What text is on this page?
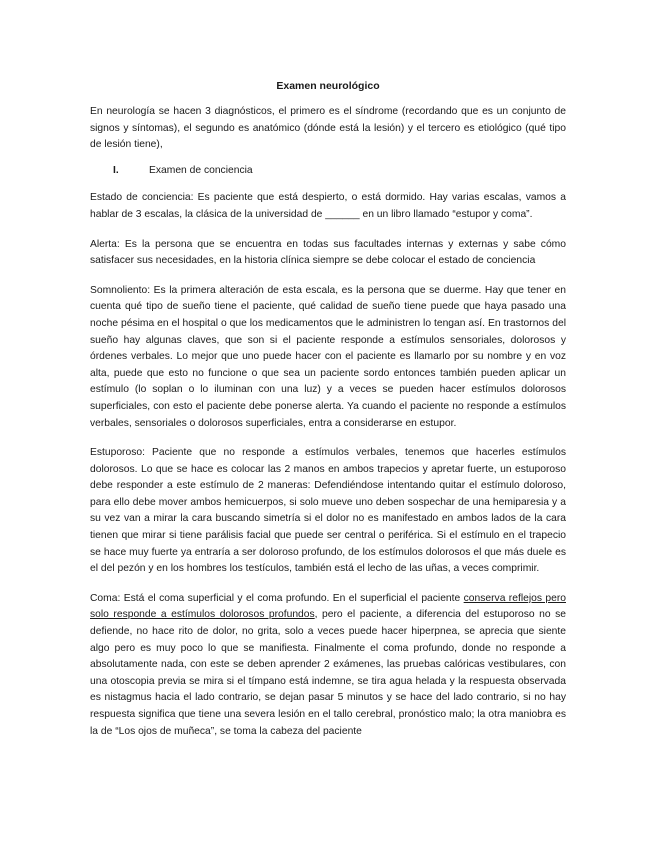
Examen neurológico

En neurología se hacen 3 diagnósticos, el primero es el síndrome (recordando que es un conjunto de signos y síntomas), el segundo es anatómico (dónde está la lesión) y el tercero es etiológico (qué tipo de lesión tiene),

I.	Examen de conciencia

Estado de conciencia: Es paciente que está despierto, o está dormido. Hay varias escalas, vamos a hablar de 3 escalas, la clásica de la universidad de ______ en un libro llamado “estupor y coma”.

Alerta: Es la persona que se encuentra en todas sus facultades internas y externas y sabe cómo satisfacer sus necesidades, en la historia clínica siempre se debe colocar el estado de conciencia

Somnoliento: Es la primera alteración de esta escala, es la persona que se duerme. Hay que tener en cuenta qué tipo de sueño tiene el paciente, qué calidad de sueño tiene puede que haya pasado una noche pésima en el hospital o que los medicamentos que le administren lo tengan así. En trastornos del sueño hay algunas claves, que son si el paciente responde a estímulos sensoriales, dolorosos y órdenes verbales. Lo mejor que uno puede hacer con el paciente es llamarlo por su nombre y en voz alta, puede que esto no funcione o que sea un paciente sordo entonces también pueden aplicar un estímulo (lo soplan o lo iluminan con una luz) y a veces se pueden hacer estímulos dolorosos superficiales, con esto el paciente debe ponerse alerta. Ya cuando el paciente no responde a estímulos verbales, sensoriales o dolorosos superficiales, entra a considerarse en estupor.

Estuporoso: Paciente que no responde a estímulos verbales, tenemos que hacerles estímulos dolorosos. Lo que se hace es colocar las 2 manos en ambos trapecios y apretar fuerte, un estuporoso debe responder a este estímulo de 2 maneras: Defendiéndose intentando quitar el estímulo doloroso, para ello debe mover ambos hemicuerpos, si solo mueve uno deben sospechar de una hemiparesia y a su vez van a mirar la cara buscando simetría si el dolor no es manifestado en ambos lados de la cara tienen que mirar si tiene parálisis facial que puede ser central o periférica. Si el estímulo en el trapecio se hace muy fuerte ya entraría a ser doloroso profundo, de los estímulos dolorosos el que más duele es el del pezón y en los hombres los testículos, también está el lecho de las uñas, a veces comprimir.

Coma: Está el coma superficial y el coma profundo. En el superficial el paciente conserva reflejos pero solo responde a estímulos dolorosos profundos, pero el paciente, a diferencia del estuporoso no se defiende, no hace rito de dolor, no grita, solo a veces puede hacer hiperpnea, se aprecia que siente algo pero es muy poco lo que se manifiesta. Finalmente el coma profundo, donde no responde a absolutamente nada, con este se deben aprender 2 exámenes, las pruebas calóricas vestibulares, con una otoscopia previa se mira si el tímpano está indemne, se tira agua helada y la respuesta observada es nistagmus hacia el lado contrario, se dejan pasar 5 minutos y se hace del lado contrario, si no hay respuesta significa que tiene una severa lesión en el tallo cerebral, pronóstico malo; la otra maniobra es la de “Los ojos de muñeca”, se toma la cabeza del paciente
